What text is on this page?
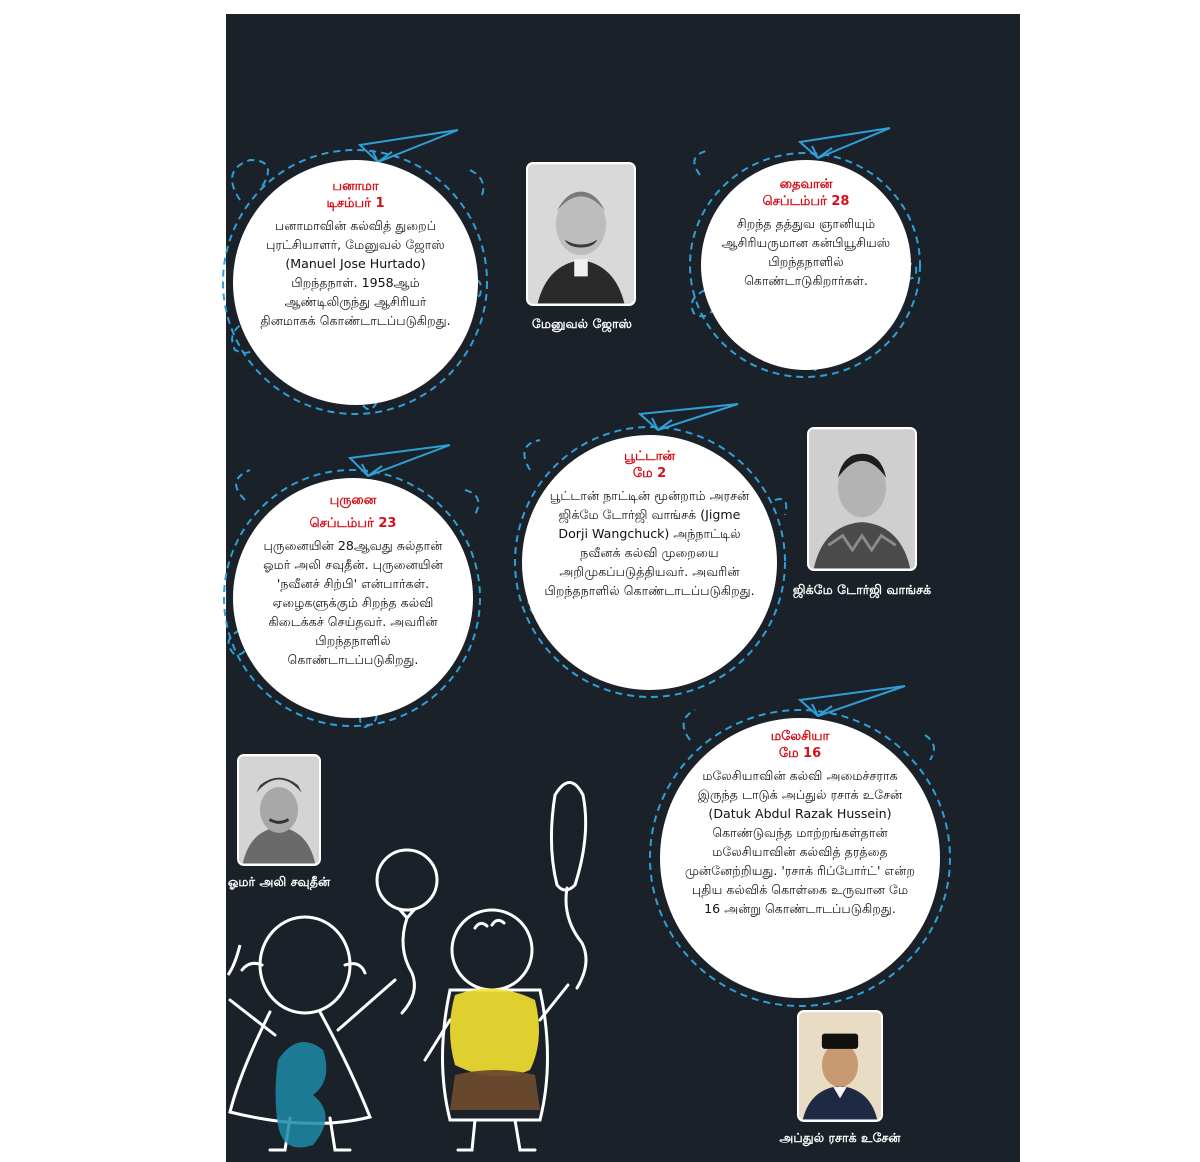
பனாமா
டிசம்பர் 1
பனாமாவின் கல்வித் துறைப் புரட்சியாளர், மேனுவல் ஜோஸ் (Manuel Jose Hurtado) பிறந்தநாள். 1958ஆம் ஆண்டிலிருந்து ஆசிரியர் தினமாகக் கொண்டாடப்படுகிறது.
தைவான்
செப்டம்பர் 28
சிறந்த தத்துவ ஞானியும் ஆசிரியருமான கன்பியூசியஸ் பிறந்தநாளில் கொண்டாடுகிறார்கள்.
புருனை
செப்டம்பர் 23
புருனையின் 28ஆவது சுல்தான் ஓமர் அலி சவுதீன். புருனையின் 'நவீனச் சிற்பி' என்பார்கள். ஏழைகளுக்கும் சிறந்த கல்வி கிடைக்கச் செய்தவர். அவரின் பிறந்தநாளில் கொண்டாடப்படுகிறது.
பூட்டான்
மே 2
பூட்டான் நாட்டின் மூன்றாம் அரசன் ஜிக்மே டோர்ஜி வாங்சக் (Jigme Dorji Wangchuck) அந்நாட்டில் நவீனக் கல்வி முறையை அறிமுகப்படுத்தியவர். அவரின் பிறந்தநாளில் கொண்டாடப்படுகிறது.
மலேசியா
மே 16
மலேசியாவின் கல்வி அமைச்சராக இருந்த டாடுக் அப்துல் ரசாக் உசேன் (Datuk Abdul Razak Hussein) கொண்டுவந்த மாற்றங்கள்தான் மலேசியாவின் கல்வித் தரத்தை முன்னேற்றியது. 'ரசாக் ரிப்போர்ட்' என்ற புதிய கல்விக் கொள்கை உருவான மே 16 அன்று கொண்டாடப்படுகிறது.
மேனுவல் ஜோஸ்
ஜிக்மே டோர்ஜி வாங்சக்
ஓமர் அலி சவுதீன்
அப்துல் ரசாக் உசேன்
